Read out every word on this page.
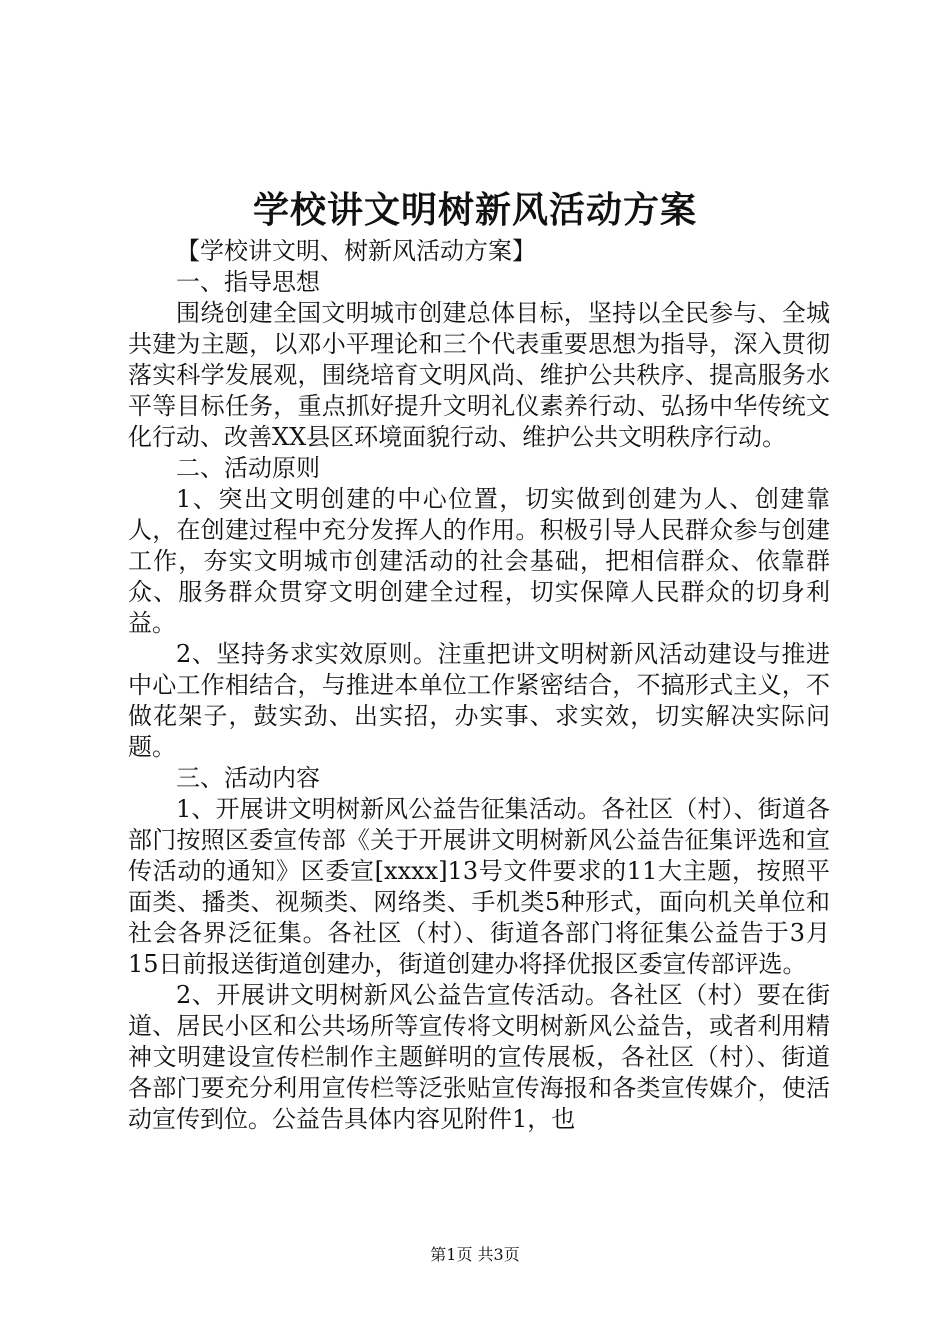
学校讲文明树新风活动方案

【学校讲文明、树新风活动方案】

一、指导思想

围绕创建全国文明城市创建总体目标，坚持以全民参与、全城共建为主题，以邓小平理论和三个代表重要思想为指导，深入贯彻落实科学发展观，围绕培育文明风尚、维护公共秩序、提高服务水平等目标任务，重点抓好提升文明礼仪素养行动、弘扬中华传统文化行动、改善XX县区环境面貌行动、维护公共文明秩序行动。

二、活动原则

1、突出文明创建的中心位置，切实做到创建为人、创建靠人，在创建过程中充分发挥人的作用。积极引导人民群众参与创建工作，夯实文明城市创建活动的社会基础，把相信群众、依靠群众、服务群众贯穿文明创建全过程，切实保障人民群众的切身利益。

2、坚持务求实效原则。注重把讲文明树新风活动建设与推进中心工作相结合，与推进本单位工作紧密结合，不搞形式主义，不做花架子，鼓实劲、出实招，办实事、求实效，切实解决实际问题。

三、活动内容

1、开展讲文明树新风公益告征集活动。各社区（村）、街道各部门按照区委宣传部《关于开展讲文明树新风公益告征集评选和宣传活动的通知》区委宣[xxxx]13号文件要求的11大主题，按照平面类、播类、视频类、网络类、手机类5种形式，面向机关单位和社会各界泛征集。各社区（村）、街道各部门将征集公益告于3月15日前报送街道创建办，街道创建办将择优报区委宣传部评选。

2、开展讲文明树新风公益告宣传活动。各社区（村）要在街道、居民小区和公共场所等宣传将文明树新风公益告，或者利用精神文明建设宣传栏制作主题鲜明的宣传展板，各社区（村）、街道各部门要充分利用宣传栏等泛张贴宣传海报和各类宣传媒介，使活动宣传到位。公益告具体内容见附件1，也

第1页 共3页
